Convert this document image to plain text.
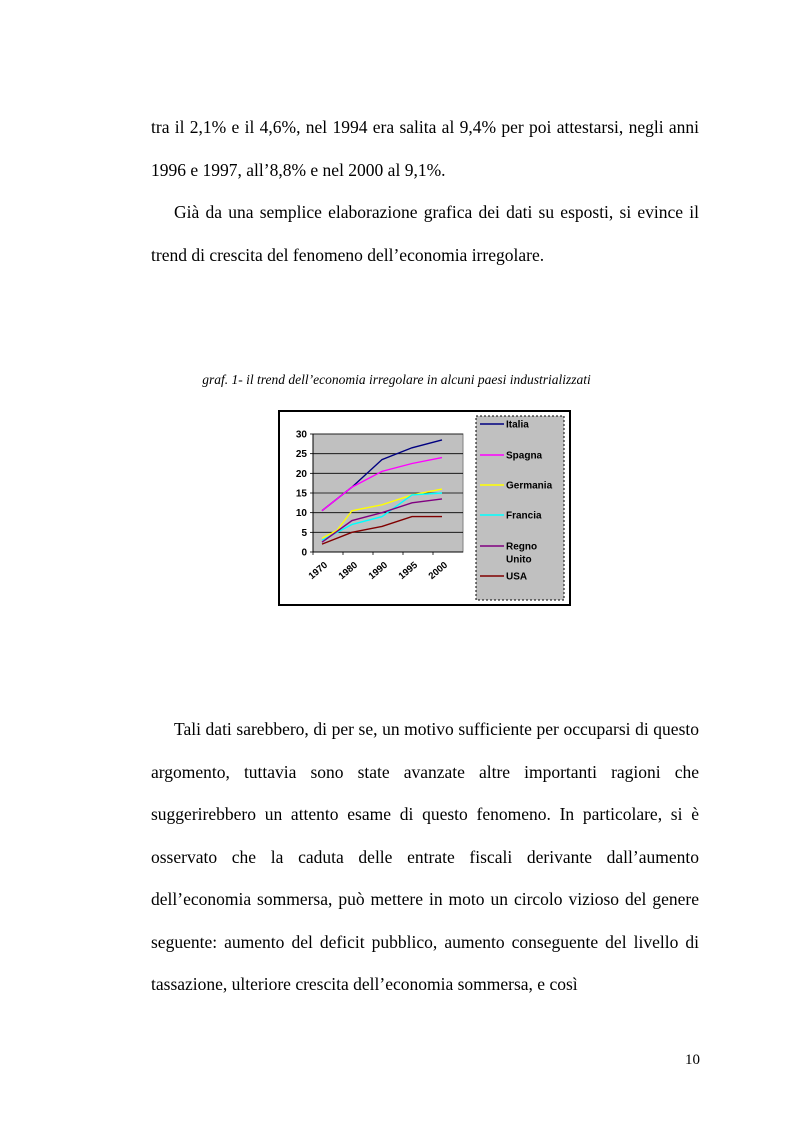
tra il 2,1% e il 4,6%, nel 1994 era salita al 9,4% per poi attestarsi, negli anni 1996 e 1997, all’8,8% e nel 2000 al 9,1%.

Già da una semplice elaborazione grafica dei dati su esposti, si evince il trend di crescita del fenomeno dell’economia irregolare.

graf. 1- il trend dell’economia irregolare in alcuni paesi industrializzati

0
5
10
15
20
25
30
1970 1980 1990 1995 2000
Italia
Spagna
Germania
Francia
Regno
Unito
USA

Tali dati sarebbero, di per se, un motivo sufficiente per occuparsi di questo argomento, tuttavia sono state avanzate altre importanti ragioni che suggerirebbero un attento esame di questo fenomeno. In particolare, si è osservato che la caduta delle entrate fiscali derivante dall’aumento dell’economia sommersa, può mettere in moto un circolo vizioso del genere seguente: aumento del deficit pubblico, aumento conseguente del livello di tassazione, ulteriore crescita dell’economia sommersa, e così

10
